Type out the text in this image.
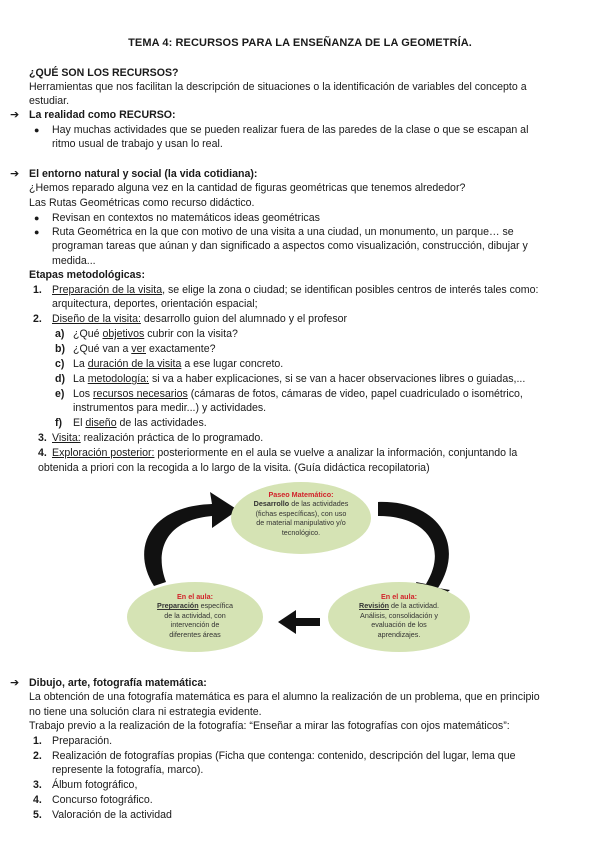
TEMA 4: RECURSOS PARA LA ENSEÑANZA DE LA GEOMETRÍA.
¿QUÉ SON LOS RECURSOS?
Herramientas que nos facilitan la descripción de situaciones o la identificación de variables del concepto a
estudiar.
➔ La realidad como RECURSO:
● Hay muchas actividades que se pueden realizar fuera de las paredes de la clase o que se escapan al
ritmo usual de trabajo y usan lo real.
➔ El entorno natural y social (la vida cotidiana):
¿Hemos reparado alguna vez en la cantidad de figuras geométricas que tenemos alrededor?
Las Rutas Geométricas como recurso didáctico.
● Revisan en contextos no matemáticos ideas geométricas
● Ruta Geométrica en la que con motivo de una visita a una ciudad, un monumento, un parque… se
programan tareas que aúnan y dan significado a aspectos como visualización, construcción, dibujar y
medida...
Etapas metodológicas:
1. Preparación de la visita, se elige la zona o ciudad; se identifican posibles centros de interés tales como:
arquitectura, deportes, orientación espacial;
2. Diseño de la visita: desarrollo guion del alumnado y el profesor
a) ¿Qué objetivos cubrir con la visita?
b) ¿Qué van a ver exactamente?
c) La duración de la visita a ese lugar concreto.
d) La metodología: si va a haber explicaciones, si se van a hacer observaciones libres o guiadas,...
e) Los recursos necesarios (cámaras de fotos, cámaras de video, papel cuadriculado o isométrico,
instrumentos para medir...) y actividades.
f) El diseño de las actividades.
3. Visita: realización práctica de lo programado.
4. Exploración posterior: posteriormente en el aula se vuelve a analizar la información, conjuntando la
obtenida a priori con la recogida a lo largo de la visita. (Guía didáctica recopilatoria)
Paseo Matemático:
Desarrollo de las actividades
(fichas específicas), con uso
de material manipulativo y/o
tecnológico.
En el aula:
Preparación específica
de la actividad, con
intervención de
diferentes áreas
En el aula:
Revisión de la actividad.
Análisis, consolidación y
evaluación de los
aprendizajes.
➔ Dibujo, arte, fotografía matemática:
La obtención de una fotografía matemática es para el alumno la realización de un problema, que en principio
no tiene una solución clara ni estrategia evidente.
Trabajo previo a la realización de la fotografía: “Enseñar a mirar las fotografías con ojos matemáticos”:
1. Preparación.
2. Realización de fotografías propias (Ficha que contenga: contenido, descripción del lugar, lema que
represente la fotografía, marco).
3. Álbum fotográfico,
4. Concurso fotográfico.
5. Valoración de la actividad
